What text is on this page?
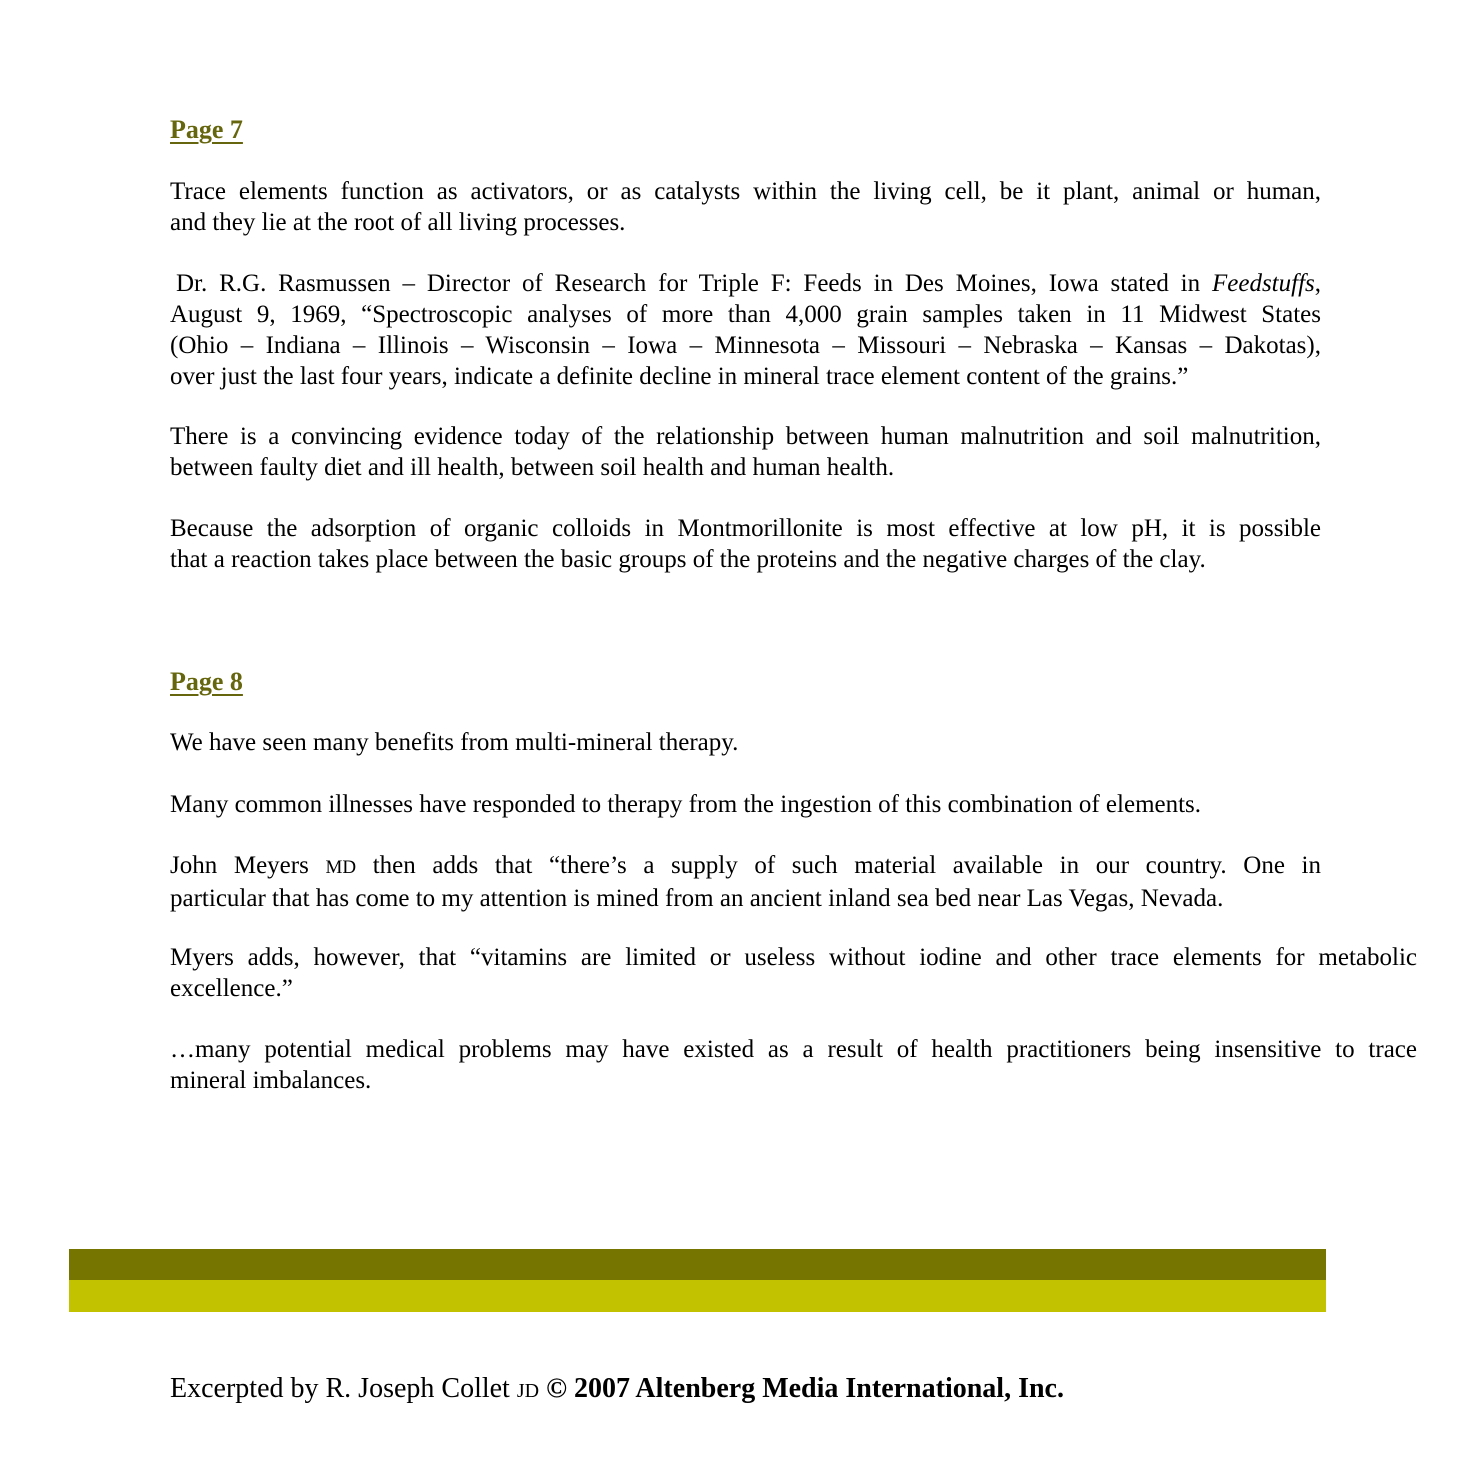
Page 7

Trace elements function as activators, or as catalysts within the living cell, be it plant, animal or human,
and they lie at the root of all living processes.

Dr. R.G. Rasmussen – Director of Research for Triple F: Feeds in Des Moines, Iowa stated in Feedstuffs,
August 9, 1969, “Spectroscopic analyses of more than 4,000 grain samples taken in 11 Midwest States
(Ohio – Indiana – Illinois – Wisconsin – Iowa – Minnesota – Missouri – Nebraska – Kansas – Dakotas),
over just the last four years, indicate a definite decline in mineral trace element content of the grains.”

There is a convincing evidence today of the relationship between human malnutrition and soil malnutrition,
between faulty diet and ill health, between soil health and human health.

Because the adsorption of organic colloids in Montmorillonite is most effective at low pH, it is possible
that a reaction takes place between the basic groups of the proteins and the negative charges of the clay.

Page 8

We have seen many benefits from multi-mineral therapy.

Many common illnesses have responded to therapy from the ingestion of this combination of elements.

John Meyers MD then adds that “there’s a supply of such material available in our country. One in
particular that has come to my attention is mined from an ancient inland sea bed near Las Vegas, Nevada.

Myers adds, however, that “vitamins are limited or useless without iodine and other trace elements for metabolic
excellence.”

…many potential medical problems may have existed as a result of health practitioners being insensitive to trace
mineral imbalances.

Excerpted by R. Joseph Collet JD © 2007 Altenberg Media International, Inc.
